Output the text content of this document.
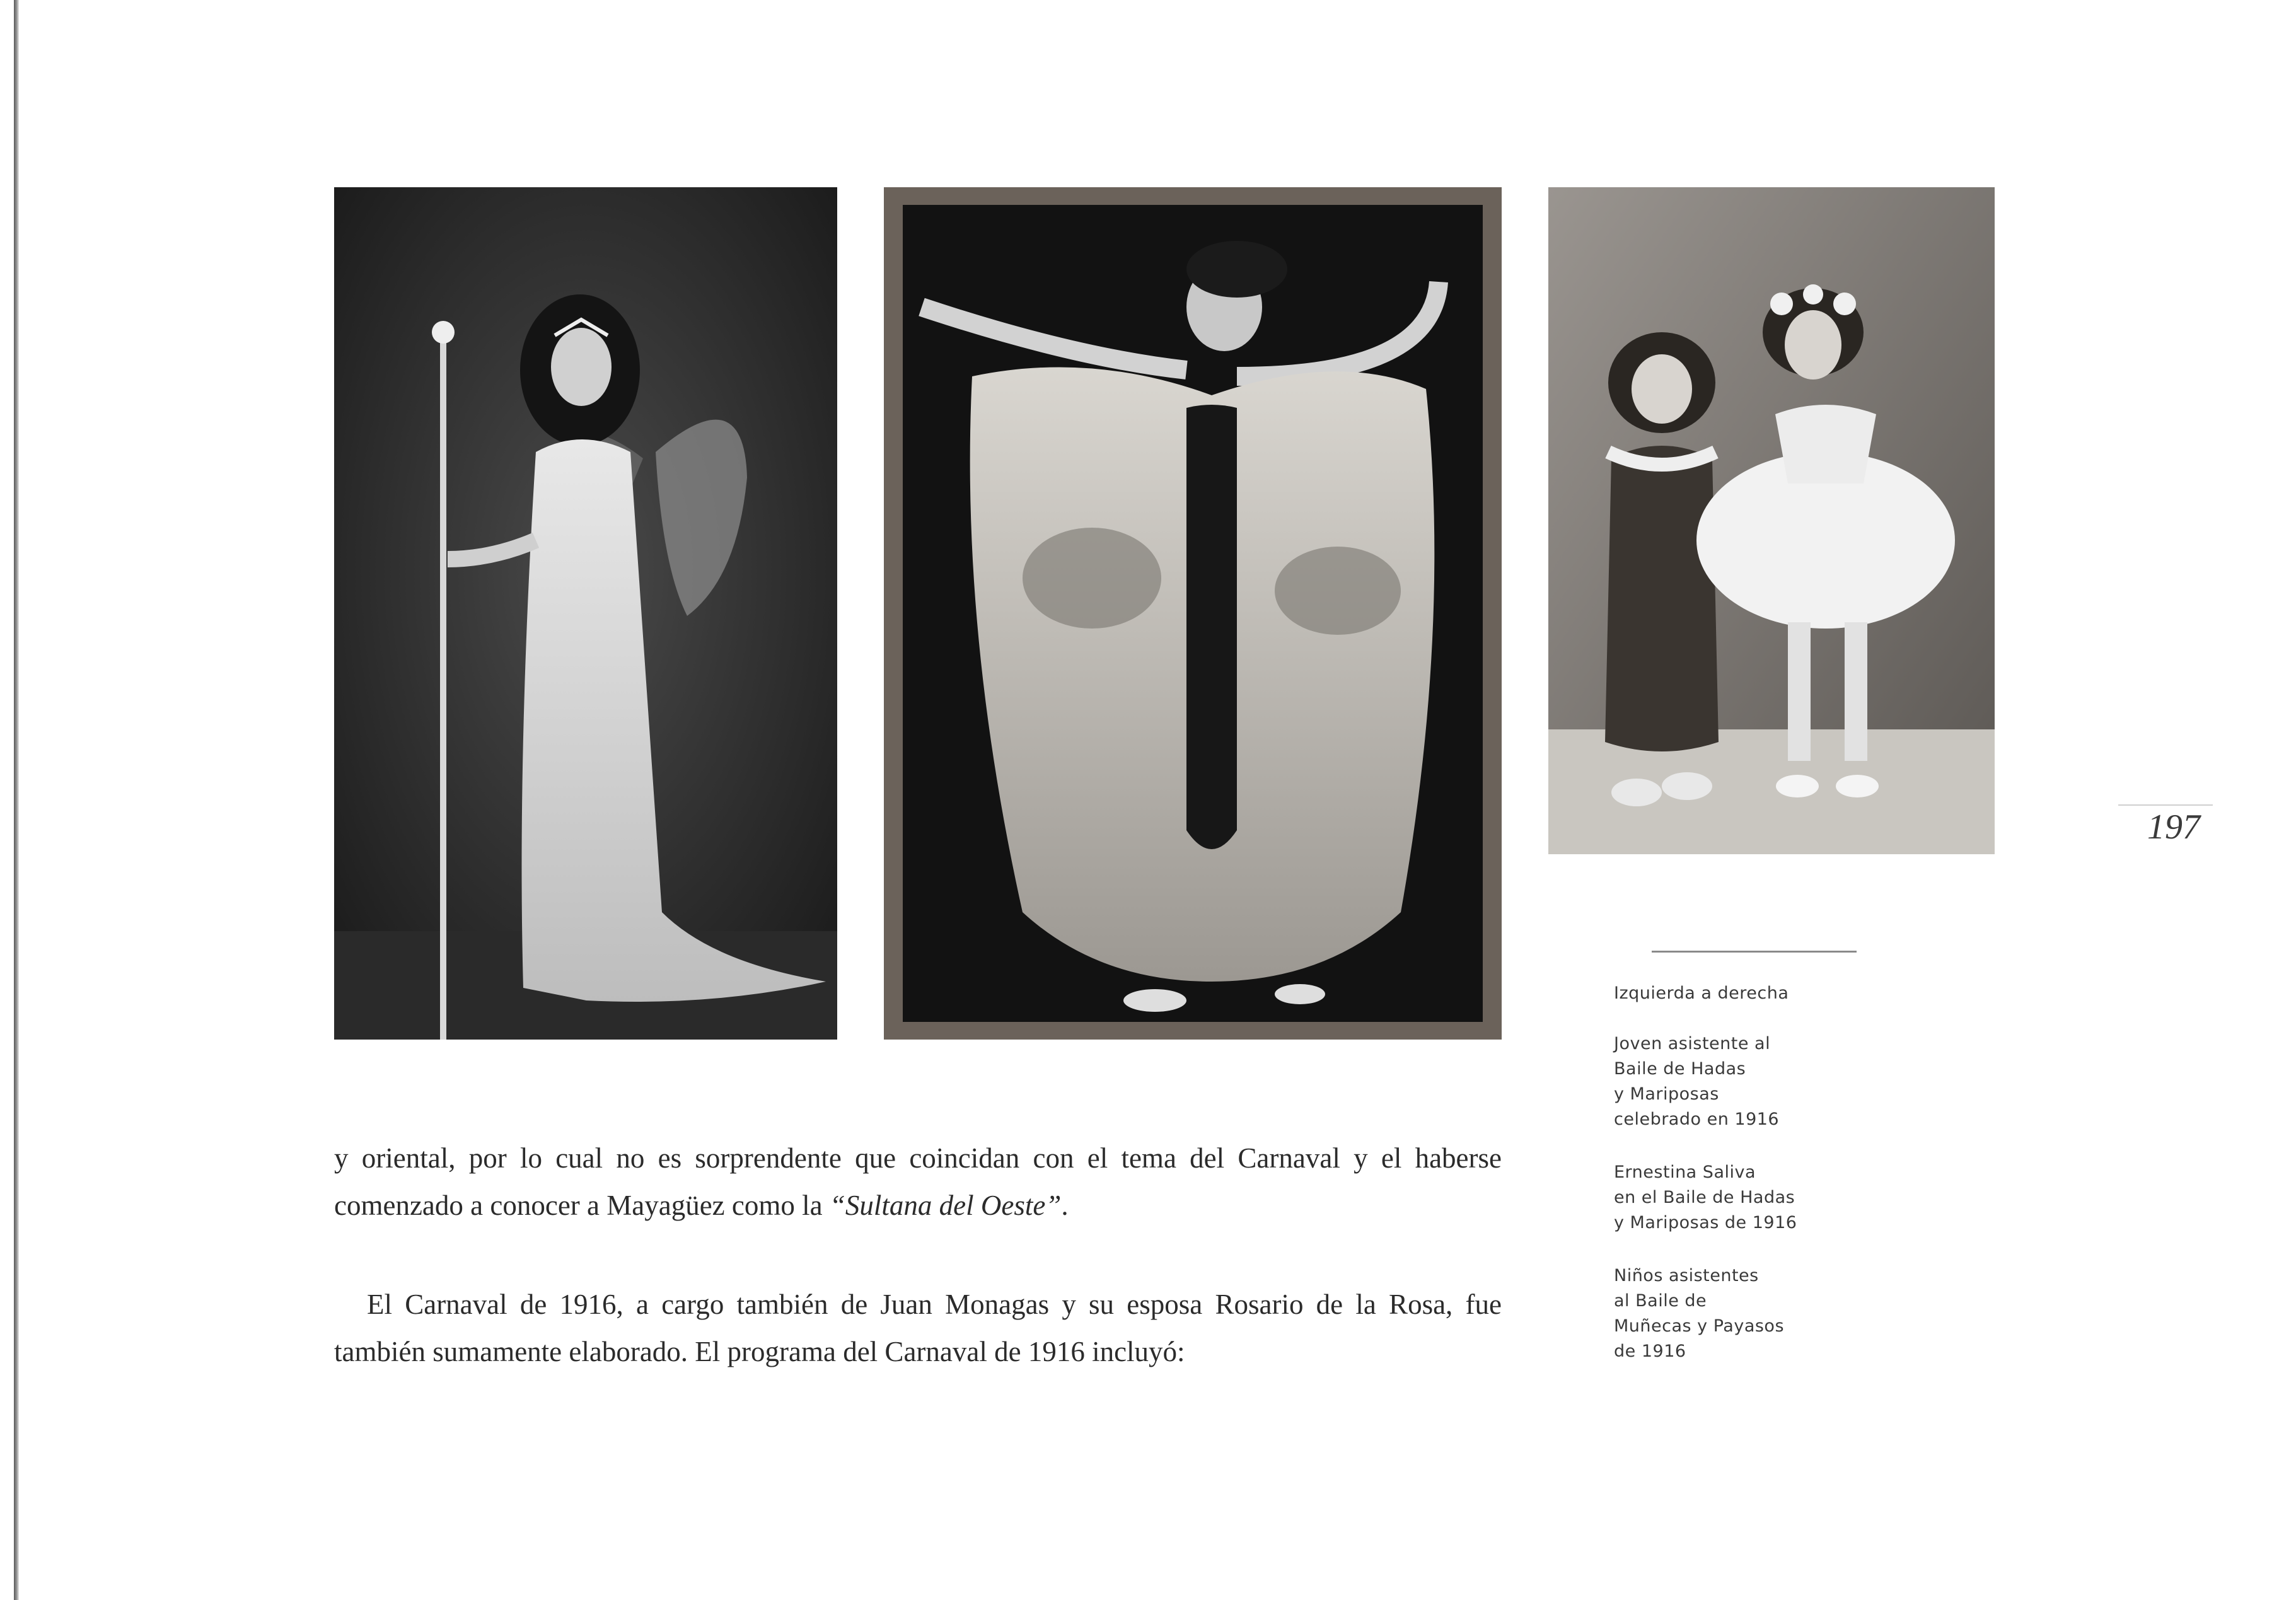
197
Izquierda a derecha
Joven asistente al
Baile de Hadas
y Mariposas
celebrado en 1916
Ernestina Saliva
en el Baile de Hadas
y Mariposas de 1916
Niños asistentes
al Baile de
Muñecas y Payasos
de 1916

y oriental, por lo cual no es sorprendente que coincidan con el tema del Carnaval y el haberse comenzado a conocer a Mayagüez como la “Sultana del Oeste”.

El Carnaval de 1916, a cargo también de Juan Monagas y su esposa Rosario de la Rosa, fue también sumamente elaborado. El programa del Carnaval de 1916 incluyó:
